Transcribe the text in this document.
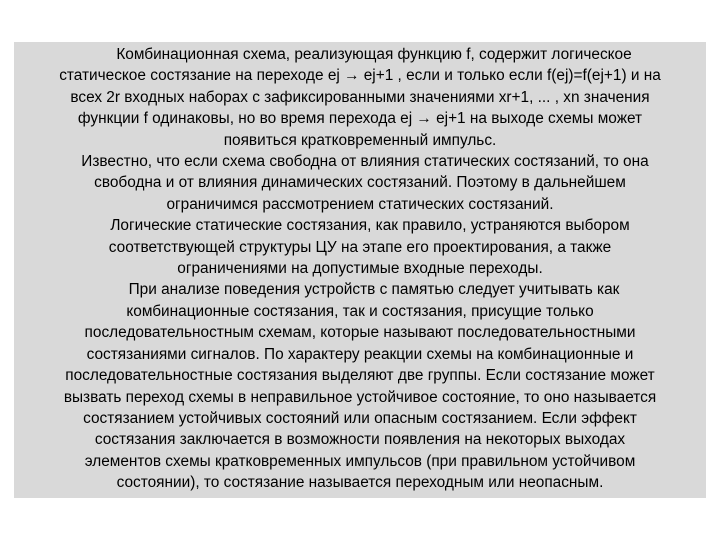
Комбинационная схема, реализующая функцию f, содержит логическое
статическое состязание на переходе ej → ej+1 , если и только если f(ej)=f(ej+1) и на
всех 2r входных наборах с зафиксированными значениями xr+1, ... , xn значения
функции f одинаковы, но во время перехода ej → ej+1 на выходе схемы может
появиться кратковременный импульс.

Известно, что если схема свободна от влияния статических состязаний, то она
свободна и от влияния динамических состязаний. Поэтому в дальнейшем
ограничимся рассмотрением статических состязаний.

Логические статические состязания, как правило, устраняются выбором
соответствующей структуры ЦУ на этапе его проектирования, а также
ограничениями на допустимые входные переходы.

При анализе поведения устройств с памятью следует учитывать как
комбинационные состязания, так и состязания, присущие только
последовательностным схемам, которые называют последовательностными
состязаниями сигналов. По характеру реакции схемы на комбинационные и
последовательностные состязания выделяют две группы. Если состязание может
вызвать переход схемы в неправильное устойчивое состояние, то оно называется
состязанием устойчивых состояний или опасным состязанием. Если эффект
состязания заключается в возможности появления на некоторых выходах
элементов схемы кратковременных импульсов (при правильном устойчивом
состоянии), то состязание называется переходным или неопасным.
